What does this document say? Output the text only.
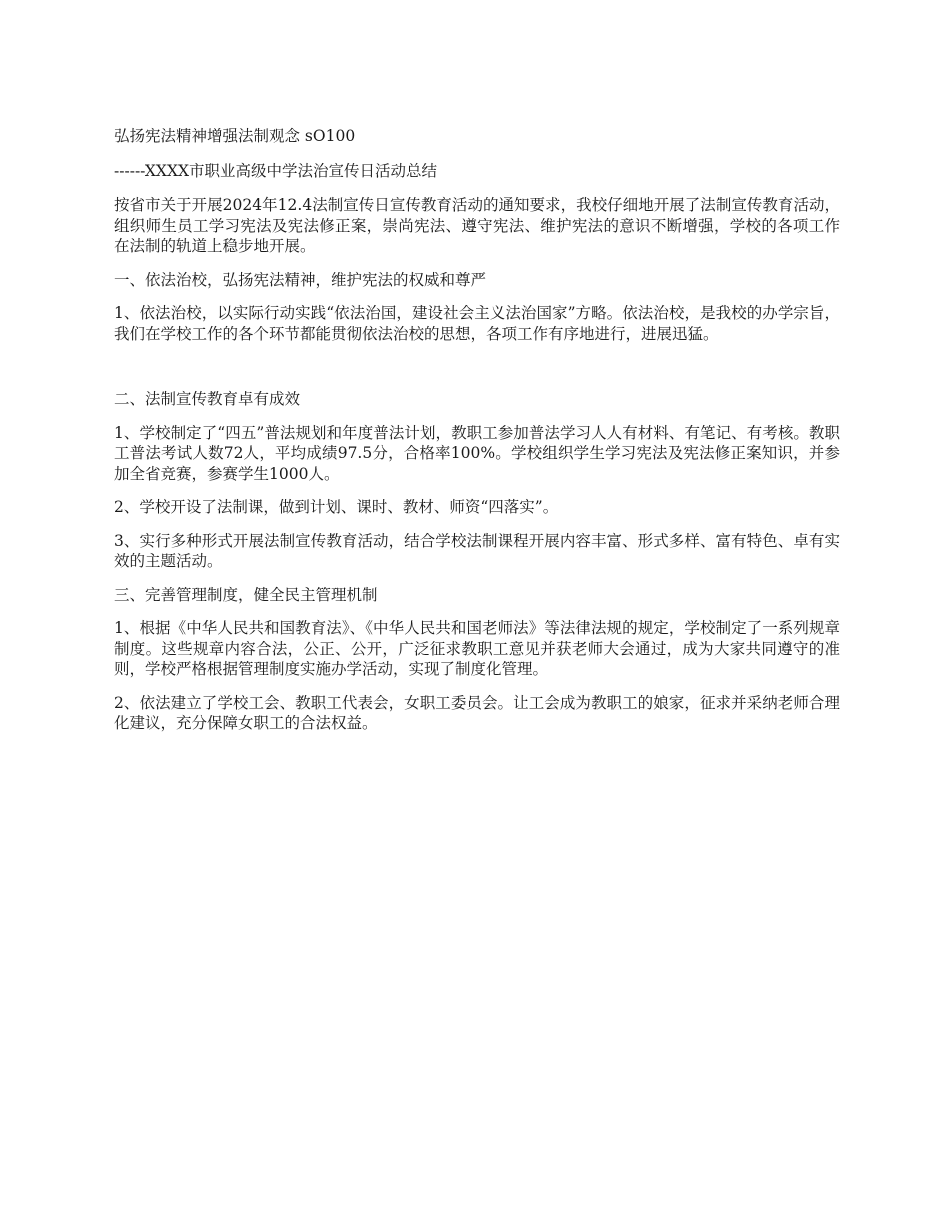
弘扬宪法精神增强法制观念 sO100

------XXXX市职业高级中学法治宣传日活动总结

按省市关于开展2024年12.4法制宣传日宣传教育活动的通知要求，我校仔细地开展了法制宣传教育活动，组织师生员工学习宪法及宪法修正案，崇尚宪法、遵守宪法、维护宪法的意识不断增强，学校的各项工作在法制的轨道上稳步地开展。

一、依法治校，弘扬宪法精神，维护宪法的权威和尊严

1、依法治校，以实际行动实践“依法治国，建设社会主义法治国家”方略。依法治校，是我校的办学宗旨，我们在学校工作的各个环节都能贯彻依法治校的思想，各项工作有序地进行，进展迅猛。

二、法制宣传教育卓有成效

1、学校制定了“四五”普法规划和年度普法计划，教职工参加普法学习人人有材料、有笔记、有考核。教职工普法考试人数72人，平均成绩97.5分，合格率100%。学校组织学生学习宪法及宪法修正案知识，并参加全省竞赛，参赛学生1000人。

2、学校开设了法制课，做到计划、课时、教材、师资“四落实”。

3、实行多种形式开展法制宣传教育活动，结合学校法制课程开展内容丰富、形式多样、富有特色、卓有实效的主题活动。

三、完善管理制度，健全民主管理机制

1、根据《中华人民共和国教育法》、《中华人民共和国老师法》等法律法规的规定，学校制定了一系列规章制度。这些规章内容合法，公正、公开，广泛征求教职工意见并获老师大会通过，成为大家共同遵守的准则，学校严格根据管理制度实施办学活动，实现了制度化管理。

2、依法建立了学校工会、教职工代表会，女职工委员会。让工会成为教职工的娘家，征求并采纳老师合理化建议，充分保障女职工的合法权益。
